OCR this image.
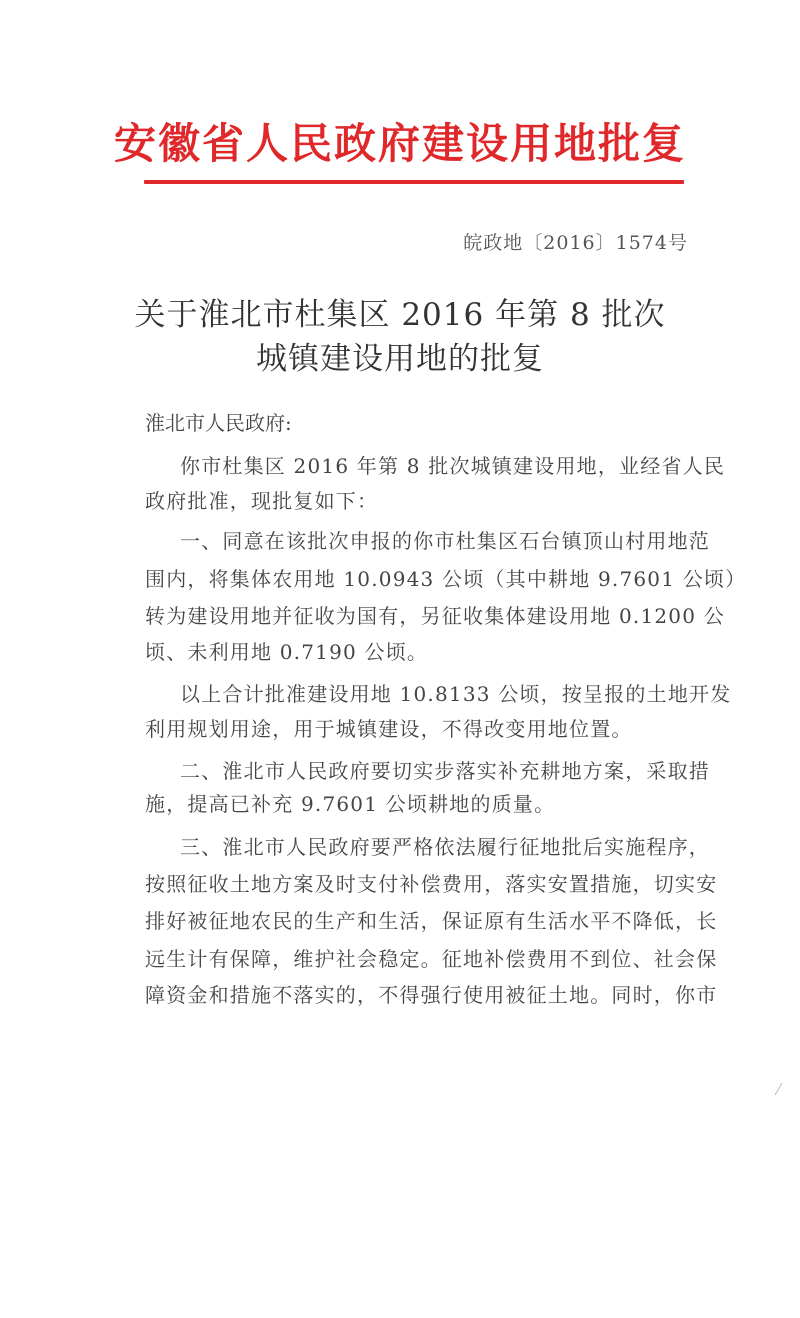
安徽省人民政府建设用地批复
皖政地〔2016〕1574号
关于淮北市杜集区 2016 年第 8 批次
城镇建设用地的批复
淮北市人民政府:
你市杜集区 2016 年第 8 批次城镇建设用地，业经省人民
政府批准，现批复如下：
一、同意在该批次申报的你市杜集区石台镇顶山村用地范
围内，将集体农用地 10.0943 公顷（其中耕地 9.7601 公顷）
转为建设用地并征收为国有，另征收集体建设用地 0.1200 公
顷、未利用地 0.7190 公顷。
以上合计批准建设用地 10.8133 公顷，按呈报的土地开发
利用规划用途，用于城镇建设，不得改变用地位置。
二、淮北市人民政府要切实步落实补充耕地方案，采取措
施，提高已补充 9.7601 公顷耕地的质量。
三、淮北市人民政府要严格依法履行征地批后实施程序，
按照征收土地方案及时支付补偿费用，落实安置措施，切实安
排好被征地农民的生产和生活，保证原有生活水平不降低，长
远生计有保障，维护社会稳定。征地补偿费用不到位、社会保
障资金和措施不落实的，不得强行使用被征土地。同时，你市
